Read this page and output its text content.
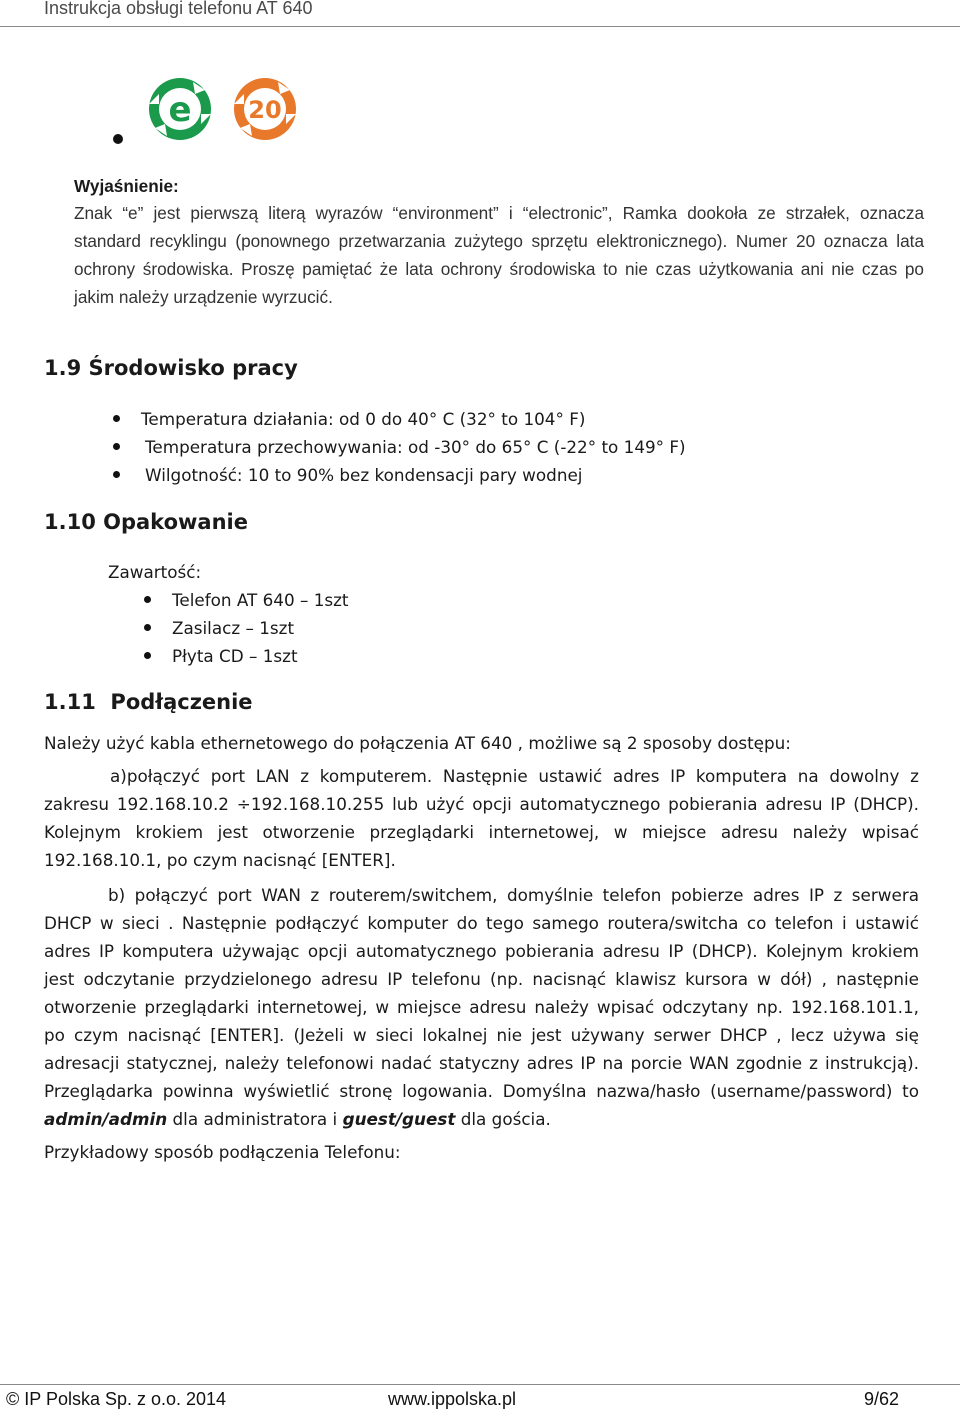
Instrukcja obsługi telefonu AT 640
e 20
Wyjaśnienie:
Znak “e” jest pierwszą literą wyrazów “environment” i “electronic”, Ramka dookoła ze strzałek, oznacza standard recyklingu (ponownego przetwarzania zużytego sprzętu elektronicznego). Numer 20 oznacza lata ochrony środowiska. Proszę pamiętać że lata ochrony środowiska to nie czas użytkowania ani nie czas po jakim należy urządzenie wyrzucić.
1.9 Środowisko pracy
Temperatura działania: od 0 do 40° C (32° to 104° F)
Temperatura przechowywania: od -30° do 65° C (-22° to 149° F)
Wilgotność: 10 to 90% bez kondensacji pary wodnej
1.10 Opakowanie
Zawartość:
Telefon AT 640 – 1szt
Zasilacz – 1szt
Płyta CD – 1szt
1.11  Podłączenie
Należy użyć kabla ethernetowego do połączenia AT 640 , możliwe są 2 sposoby dostępu:
a)połączyć port LAN z komputerem. Następnie ustawić adres IP komputera na dowolny z zakresu 192.168.10.2 ÷192.168.10.255 lub użyć opcji automatycznego pobierania adresu IP (DHCP). Kolejnym krokiem jest otworzenie przeglądarki internetowej, w miejsce adresu należy wpisać 192.168.10.1, po czym nacisnąć [ENTER].
b) połączyć port WAN z routerem/switchem, domyślnie telefon pobierze adres IP z serwera DHCP w sieci . Następnie podłączyć komputer do tego samego routera/switcha co telefon i ustawić adres IP komputera używając opcji automatycznego pobierania adresu IP (DHCP). Kolejnym krokiem jest odczytanie przydzielonego adresu IP telefonu (np. nacisnąć klawisz kursora w dół) , następnie otworzenie przeglądarki internetowej, w miejsce adresu należy wpisać odczytany np. 192.168.101.1, po czym nacisnąć [ENTER]. (Jeżeli w sieci lokalnej nie jest używany serwer DHCP , lecz używa się adresacji statycznej, należy telefonowi nadać statyczny adres IP na porcie WAN zgodnie z instrukcją). Przeglądarka powinna wyświetlić stronę logowania. Domyślna nazwa/hasło (username/password) to admin/admin dla administratora i guest/guest dla gościa.
Przykładowy sposób podłączenia Telefonu:
© IP Polska Sp. z o.o. 2014	www.ippolska.pl	9/62
